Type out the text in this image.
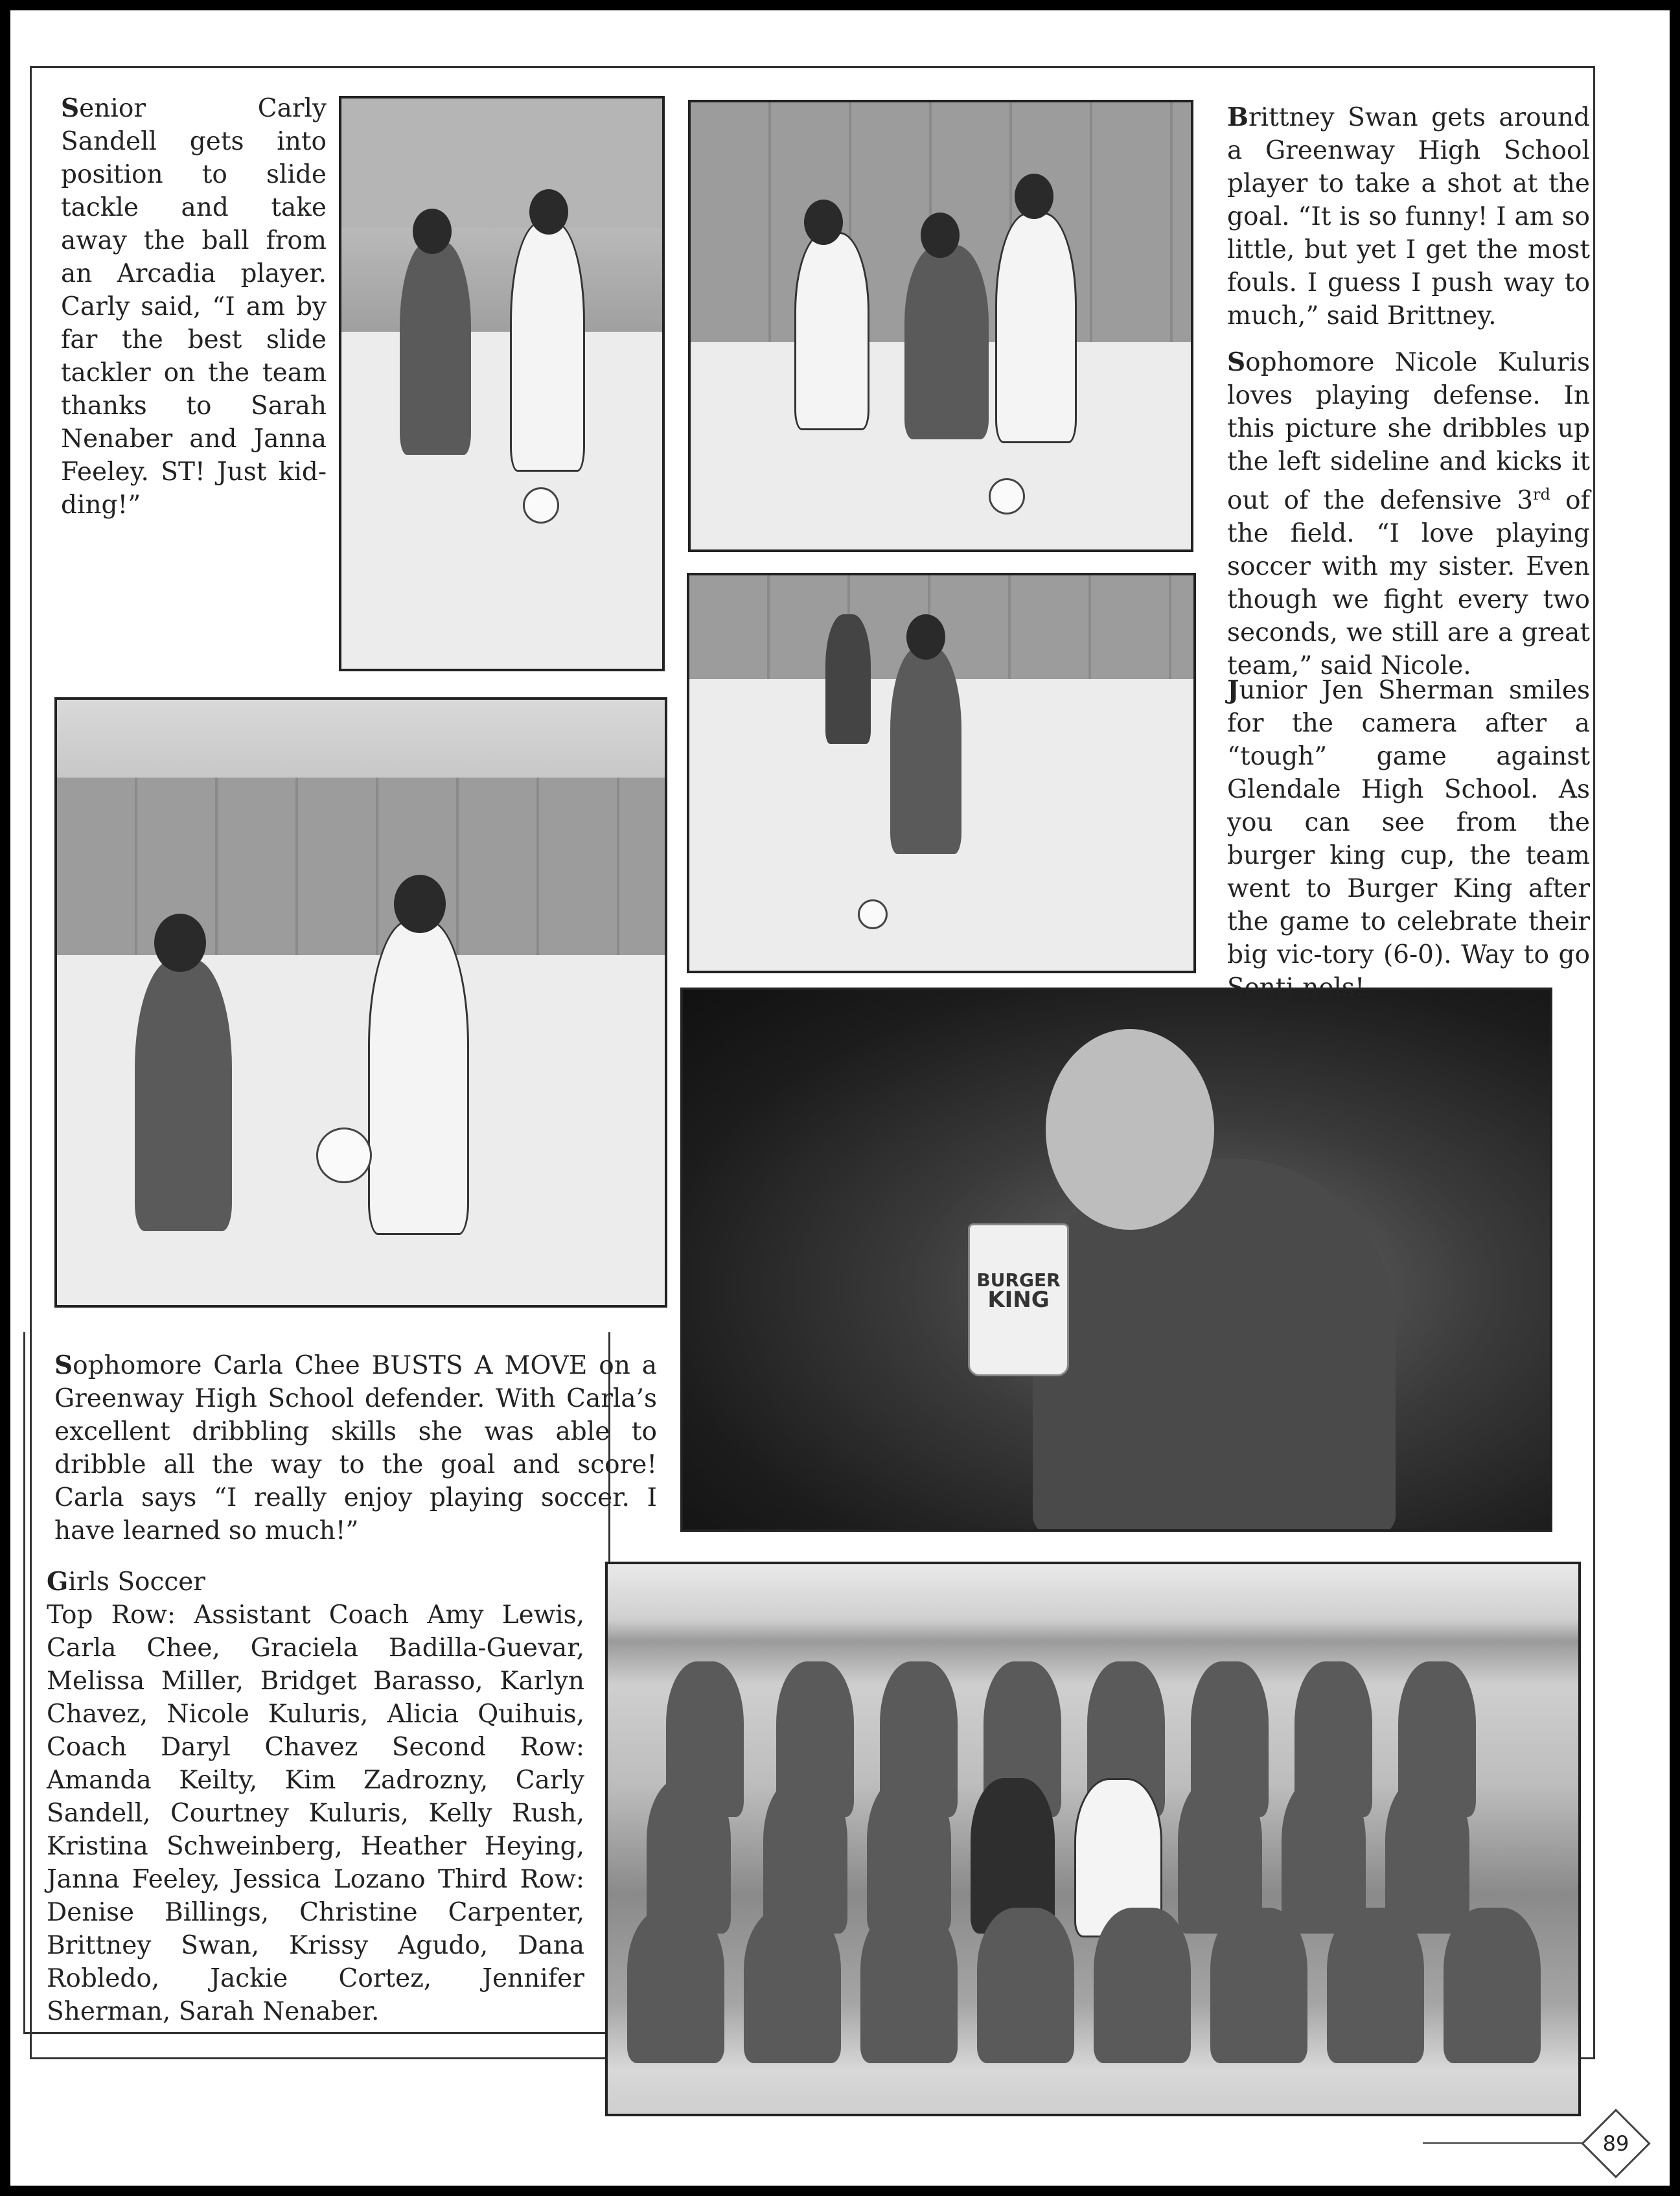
BURGER
KING
Senior Carly Sandell gets into position to slide tackle and take away the ball from an Arcadia player. Carly said, “I am by far the best slide tackler on the team thanks to Sarah Nenaber and Janna Feeley. ST! Just kid-ding!”
Brittney Swan gets around a Greenway High School player to take a shot at the goal. “It is so funny! I am so little, but yet I get the most fouls. I guess I push way to much,” said Brittney.
Sophomore Nicole Kuluris loves playing defense. In this picture she dribbles up the left sideline and kicks it out of the defensive 3rd of the field. “I love playing soccer with my sister. Even though we fight every two seconds, we still are a great team,” said Nicole.
Junior Jen Sherman smiles for the camera after a “tough” game against Glendale High School. As you can see from the burger king cup, the team went to Burger King after the game to celebrate their big vic-tory (6-0). Way to go Senti-nels!
Sophomore Carla Chee BUSTS A MOVE on a Greenway High School defender. With Carla’s excellent dribbling skills she was able to dribble all the way to the goal and score! Carla says “I really enjoy playing soccer. I have learned so much!”
Girls Soccer
Top Row: Assistant Coach Amy Lewis, Carla Chee, Graciela Badilla-Guevar, Melissa Miller, Bridget Barasso, Karlyn Chavez, Nicole Kuluris, Alicia Quihuis, Coach Daryl Chavez Second Row: Amanda Keilty, Kim Zadrozny, Carly Sandell, Courtney Kuluris, Kelly Rush, Kristina Schweinberg, Heather Heying, Janna Feeley, Jessica Lozano Third Row: Denise Billings, Christine Carpenter, Brittney Swan, Krissy Agudo, Dana Robledo, Jackie Cortez, Jennifer Sherman, Sarah Nenaber.
89
